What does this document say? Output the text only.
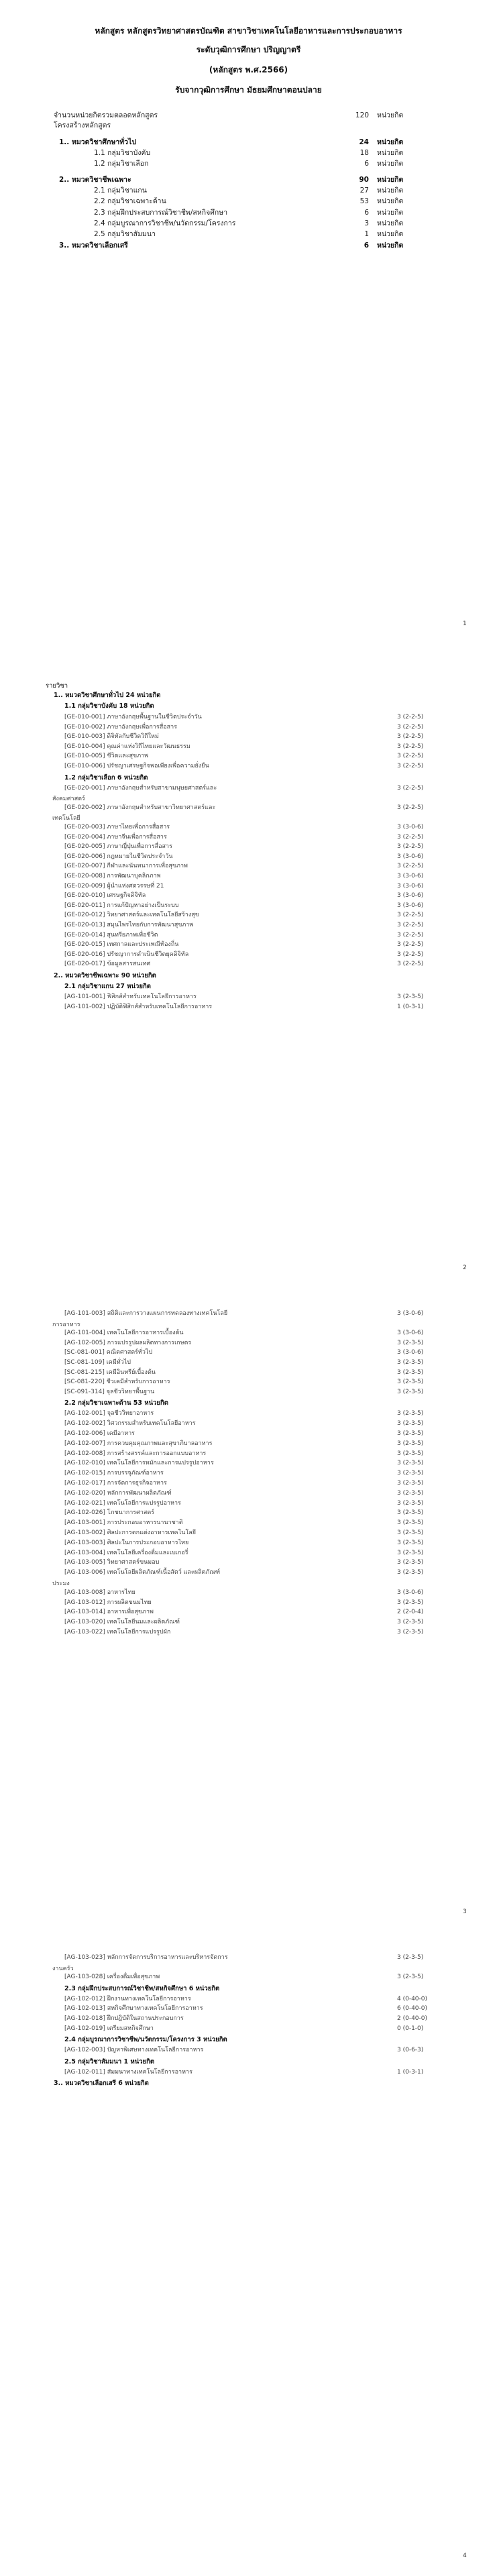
หลักสูตร หลักสูตรวิทยาศาสตรบัณฑิต สาขาวิชาเทคโนโลยีอาหารและการประกอบอาหาร
ระดับวุฒิการศึกษา ปริญญาตรี
(หลักสูตร พ.ศ.2566)
รับจากวุฒิการศึกษา มัธยมศึกษาตอนปลาย
จำนวนหน่วยกิตรวมตลอดหลักสูตร	120 หน่วยกิต
โครงสร้างหลักสูตร
1.. หมวดวิชาศึกษาทั่วไป	24 หน่วยกิต
1.1 กลุ่มวิชาบังคับ	18 หน่วยกิต
1.2 กลุ่มวิชาเลือก	6 หน่วยกิต
2.. หมวดวิชาชีพเฉพาะ	90 หน่วยกิต
2.1 กลุ่มวิชาแกน	27 หน่วยกิต
2.2 กลุ่มวิชาเฉพาะด้าน	53 หน่วยกิต
2.3 กลุ่มฝึกประสบการณ์วิชาชีพ/สหกิจศึกษา	6 หน่วยกิต
2.4 กลุ่มบูรณาการวิชาชีพ/นวัตกรรม/โครงการ	3 หน่วยกิต
2.5 กลุ่มวิชาสัมมนา	1 หน่วยกิต
3.. หมวดวิชาเลือกเสรี	6 หน่วยกิต
1
รายวิชา
1.. หมวดวิชาศึกษาทั่วไป 24 หน่วยกิต
1.1 กลุ่มวิชาบังคับ 18 หน่วยกิต
[GE-010-001] ภาษาอังกฤษพื้นฐานในชีวิตประจำวัน	3 (2-2-5)
[GE-010-002] ภาษาอังกฤษเพื่อการสื่อสาร	3 (2-2-5)
[GE-010-003] ดิจิทัลกับชีวิตวิถีใหม่	3 (2-2-5)
[GE-010-004] คุณค่าแห่งวิถีไทยและวัฒนธรรม	3 (2-2-5)
[GE-010-005] ชีวิตและสุขภาพ	3 (2-2-5)
[GE-010-006] ปรัชญาเศรษฐกิจพอเพียงเพื่อความยั่งยืน	3 (2-2-5)
1.2 กลุ่มวิชาเลือก 6 หน่วยกิต
[GE-020-001] ภาษาอังกฤษสำหรับสาขามนุษยศาสตร์และ	3 (2-2-5)
สังคมศาสตร์
[GE-020-002] ภาษาอังกฤษสำหรับสาขาวิทยาศาสตร์และ	3 (2-2-5)
เทคโนโลยี
[GE-020-003] ภาษาไทยเพื่อการสื่อสาร	3 (3-0-6)
[GE-020-004] ภาษาจีนเพื่อการสื่อสาร	3 (2-2-5)
[GE-020-005] ภาษาญี่ปุ่นเพื่อการสื่อสาร	3 (2-2-5)
[GE-020-006] กฎหมายในชีวิตประจำวัน	3 (3-0-6)
[GE-020-007] กีฬาและนันทนาการเพื่อสุขภาพ	3 (2-2-5)
[GE-020-008] การพัฒนาบุคลิกภาพ	3 (3-0-6)
[GE-020-009] ผู้นำแห่งศตวรรษที่ 21	3 (3-0-6)
[GE-020-010] เศรษฐกิจดิจิทัล	3 (3-0-6)
[GE-020-011] การแก้ปัญหาอย่างเป็นระบบ	3 (3-0-6)
[GE-020-012] วิทยาศาสตร์และเทคโนโลยีสร้างสุข	3 (2-2-5)
[GE-020-013] สมุนไพรไทยกับการพัฒนาสุขภาพ	3 (2-2-5)
[GE-020-014] สุนทรียภาพเพื่อชีวิต	3 (2-2-5)
[GE-020-015] เทศกาลและประเพณีท้องถิ่น	3 (2-2-5)
[GE-020-016] ปรัชญาการดำเนินชีวิตยุคดิจิทัล	3 (2-2-5)
[GE-020-017] ข้อมูลสารสนเทศ	3 (2-2-5)
2.. หมวดวิชาชีพเฉพาะ 90 หน่วยกิต
2.1 กลุ่มวิชาแกน 27 หน่วยกิต
[AG-101-001] ฟิสิกส์สำหรับเทคโนโลยีการอาหาร	3 (2-3-5)
[AG-101-002] ปฏิบัติฟิสิกส์สำหรับเทคโนโลยีการอาหาร	1 (0-3-1)
2
[AG-101-003] สถิติและการวางแผนการทดลองทางเทคโนโลยี	3 (3-0-6)
การอาหาร
[AG-101-004] เทคโนโลยีการอาหารเบื้องต้น	3 (3-0-6)
[AG-102-005] การแปรรูปผลผลิตทางการเกษตร	3 (2-3-5)
[SC-081-001] คณิตศาสตร์ทั่วไป	3 (3-0-6)
[SC-081-109] เคมีทั่วไป	3 (2-3-5)
[SC-081-215] เคมีอินทรีย์เบื้องต้น	3 (2-3-5)
[SC-081-220] ชีวเคมีสำหรับการอาหาร	3 (2-3-5)
[SC-091-314] จุลชีววิทยาพื้นฐาน	3 (2-3-5)
2.2 กลุ่มวิชาเฉพาะด้าน 53 หน่วยกิต
[AG-102-001] จุลชีววิทยาอาหาร	3 (2-3-5)
[AG-102-002] วิศวกรรมสำหรับเทคโนโลยีอาหาร	3 (2-3-5)
[AG-102-006] เคมีอาหาร	3 (2-3-5)
[AG-102-007] การควบคุมคุณภาพและสุขาภิบาลอาหาร	3 (2-3-5)
[AG-102-008] การสร้างสรรค์และการออกแบบอาหาร	3 (2-3-5)
[AG-102-010] เทคโนโลยีการหมักและการแปรรูปอาหาร	3 (2-3-5)
[AG-102-015] การบรรจุภัณฑ์อาหาร	3 (2-3-5)
[AG-102-017] การจัดการธุรกิจอาหาร	3 (2-3-5)
[AG-102-020] หลักการพัฒนาผลิตภัณฑ์	3 (2-3-5)
[AG-102-021] เทคโนโลยีการแปรรูปอาหาร	3 (2-3-5)
[AG-102-026] โภชนาการศาสตร์	3 (2-3-5)
[AG-103-001] การประกอบอาหารนานาชาติ	3 (2-3-5)
[AG-103-002] ศิลปะการตกแต่งอาหารเทคโนโลยี	3 (2-3-5)
[AG-103-003] ศิลปะในการประกอบอาหารไทย	3 (2-3-5)
[AG-103-004] เทคโนโลยีเครื่องดื่มและเบเกอรี่	3 (2-3-5)
[AG-103-005] วิทยาศาสตร์ขนมอบ	3 (2-3-5)
[AG-103-006] เทคโนโลยีผลิตภัณฑ์เนื้อสัตว์ และผลิตภัณฑ์	3 (2-3-5)
ประมง
[AG-103-008] อาหารไทย	3 (3-0-6)
[AG-103-012] การผลิตขนมไทย	3 (2-3-5)
[AG-103-014] อาหารเพื่อสุขภาพ	2 (2-0-4)
[AG-103-020] เทคโนโลยีนมและผลิตภัณฑ์	3 (2-3-5)
[AG-103-022] เทคโนโลยีการแปรรูปผัก	3 (2-3-5)
3
[AG-103-023] หลักการจัดการบริการอาหารและบริหารจัดการ	3 (2-3-5)
งานครัว
[AG-103-028] เครื่องดื่มเพื่อสุขภาพ	3 (2-3-5)
2.3 กลุ่มฝึกประสบการณ์วิชาชีพ/สหกิจศึกษา 6 หน่วยกิต
[AG-102-012] ฝึกงานทางเทคโนโลยีการอาหาร	4 (0-40-0)
[AG-102-013] สหกิจศึกษาทางเทคโนโลยีการอาหาร	6 (0-40-0)
[AG-102-018] ฝึกปฏิบัติในสถานประกอบการ	2 (0-40-0)
[AG-102-019] เตรียมสหกิจศึกษา	0 (0-1-0)
2.4 กลุ่มบูรณาการวิชาชีพ/นวัตกรรม/โครงการ 3 หน่วยกิต
[AG-102-003] ปัญหาพิเศษทางเทคโนโลยีการอาหาร	3 (0-6-3)
2.5 กลุ่มวิชาสัมมนา 1 หน่วยกิต
[AG-102-011] สัมมนาทางเทคโนโลยีการอาหาร	1 (0-3-1)
3.. หมวดวิชาเลือกเสรี 6 หน่วยกิต
4
